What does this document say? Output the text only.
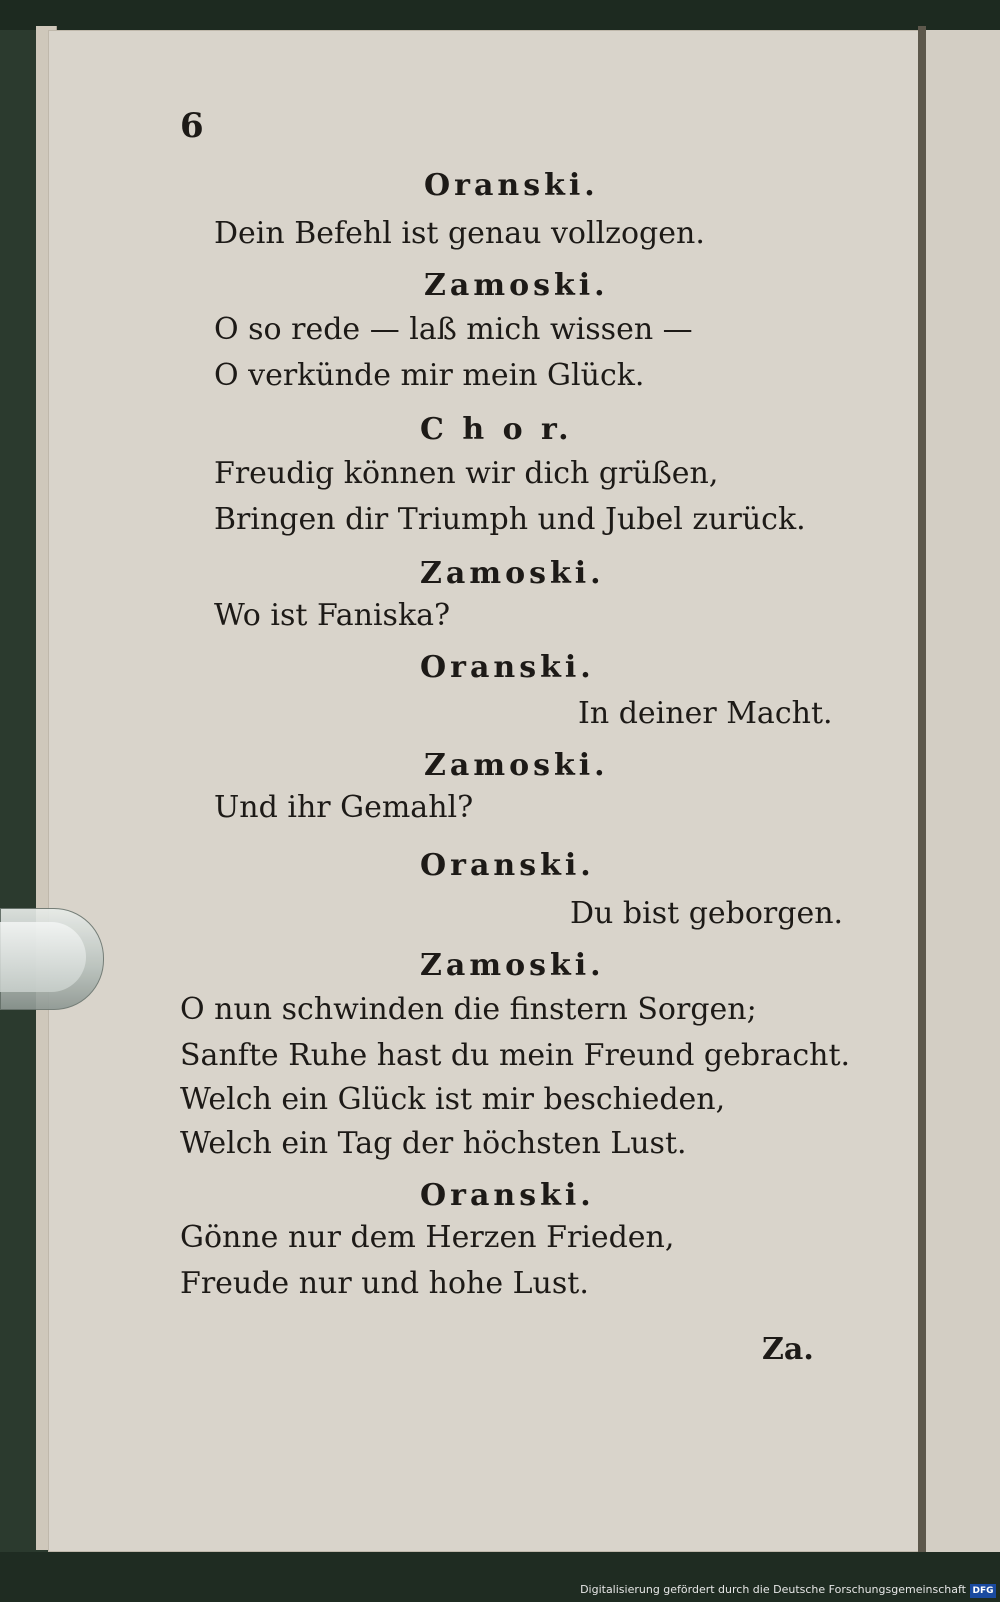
6
Oranski.
Dein Befehl ist genau vollzogen.
Zamoski.
O so rede — laß mich wissen —
O verkünde mir mein Glück.
C h o r.
Freudig können wir dich grüßen,
Bringen dir Triumph und Jubel zurück.
Zamoski.
Wo ist Faniska?
Oranski.
In deiner Macht.
Zamoski.
Und ihr Gemahl?
Oranski.
Du bist geborgen.
Zamoski.
O nun schwinden die finstern Sorgen;
Sanfte Ruhe hast du mein Freund gebracht.
Welch ein Glück ist mir beschieden,
Welch ein Tag der höchsten Lust.
Oranski.
Gönne nur dem Herzen Frieden,
Freude nur und hohe Lust.
Za.
Digitalisierung gefördert durch die Deutsche Forschungsgemeinschaft DFG
